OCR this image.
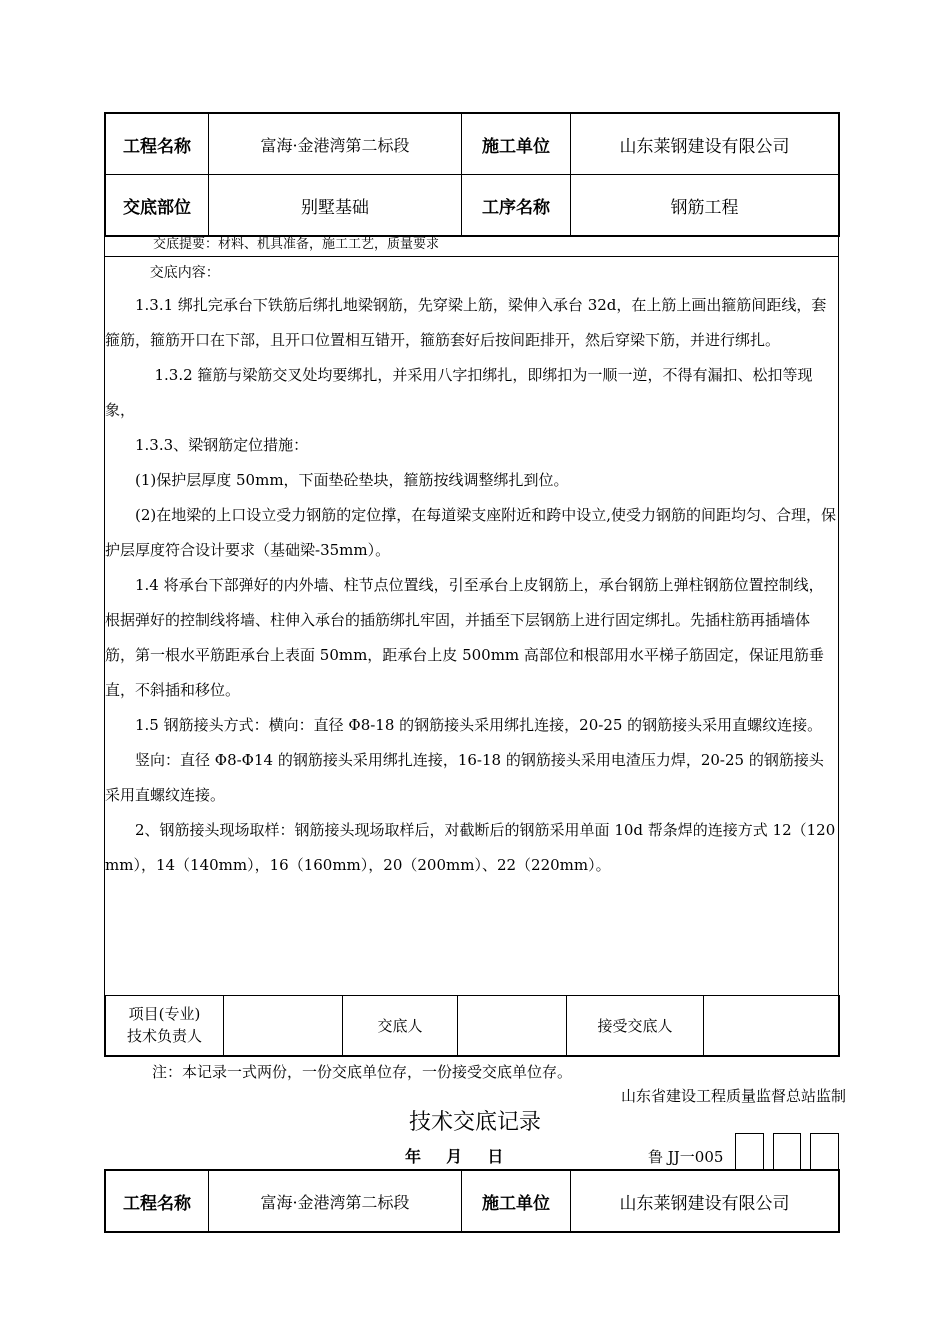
工程名称	富海·金港湾第二标段	施工单位	山东莱钢建设有限公司
交底部位	别墅基础	工序名称	钢筋工程
交底提要：材料、机具准备，施工工艺，质量要求

交底内容：

1.3.1 绑扎完承台下铁筋后绑扎地梁钢筋，先穿梁上筋，梁伸入承台 32d，在上筋上画出箍筋间距线，套箍筋，箍筋开口在下部，且开口位置相互错开，箍筋套好后按间距排开，然后穿梁下筋，并进行绑扎。

1.3.2 箍筋与梁筋交叉处均要绑扎，并采用八字扣绑扎，即绑扣为一顺一逆，不得有漏扣、松扣等现象，

1.3.3、梁钢筋定位措施：

(1)保护层厚度 50mm，下面垫砼垫块，箍筋按线调整绑扎到位。

(2)在地梁的上口设立受力钢筋的定位撑，在每道梁支座附近和跨中设立,使受力钢筋的间距均匀、合理，保护层厚度符合设计要求（基础梁-35mm）。

1.4 将承台下部弹好的内外墙、柱节点位置线，引至承台上皮钢筋上，承台钢筋上弹柱钢筋位置控制线，根据弹好的控制线将墙、柱伸入承台的插筋绑扎牢固，并插至下层钢筋上进行固定绑扎。先插柱筋再插墙体筋，第一根水平筋距承台上表面 50mm，距承台上皮 500mm 高部位和根部用水平梯子筋固定，保证甩筋垂直，不斜插和移位。

1.5 钢筋接头方式：横向：直径 Φ8-18 的钢筋接头采用绑扎连接，20-25 的钢筋接头采用直螺纹连接。

竖向：直径 Φ8-Φ14 的钢筋接头采用绑扎连接，16-18 的钢筋接头采用电渣压力焊，20-25 的钢筋接头采用直螺纹连接。

2、钢筋接头现场取样：钢筋接头现场取样后，对截断后的钢筋采用单面 10d 帮条焊的连接方式 12（120mm），14（140mm），16（160mm），20（200mm）、22（220mm）。

项目(专业)
技术负责人
		交底人		接受交底人	
注：本记录一式两份，一份交底单位存，一份接受交底单位存。
山东省建设工程质量监督总站监制
技术交底记录
年 月 日	鲁 JJ一005
工程名称	富海·金港湾第二标段	施工单位	山东莱钢建设有限公司
